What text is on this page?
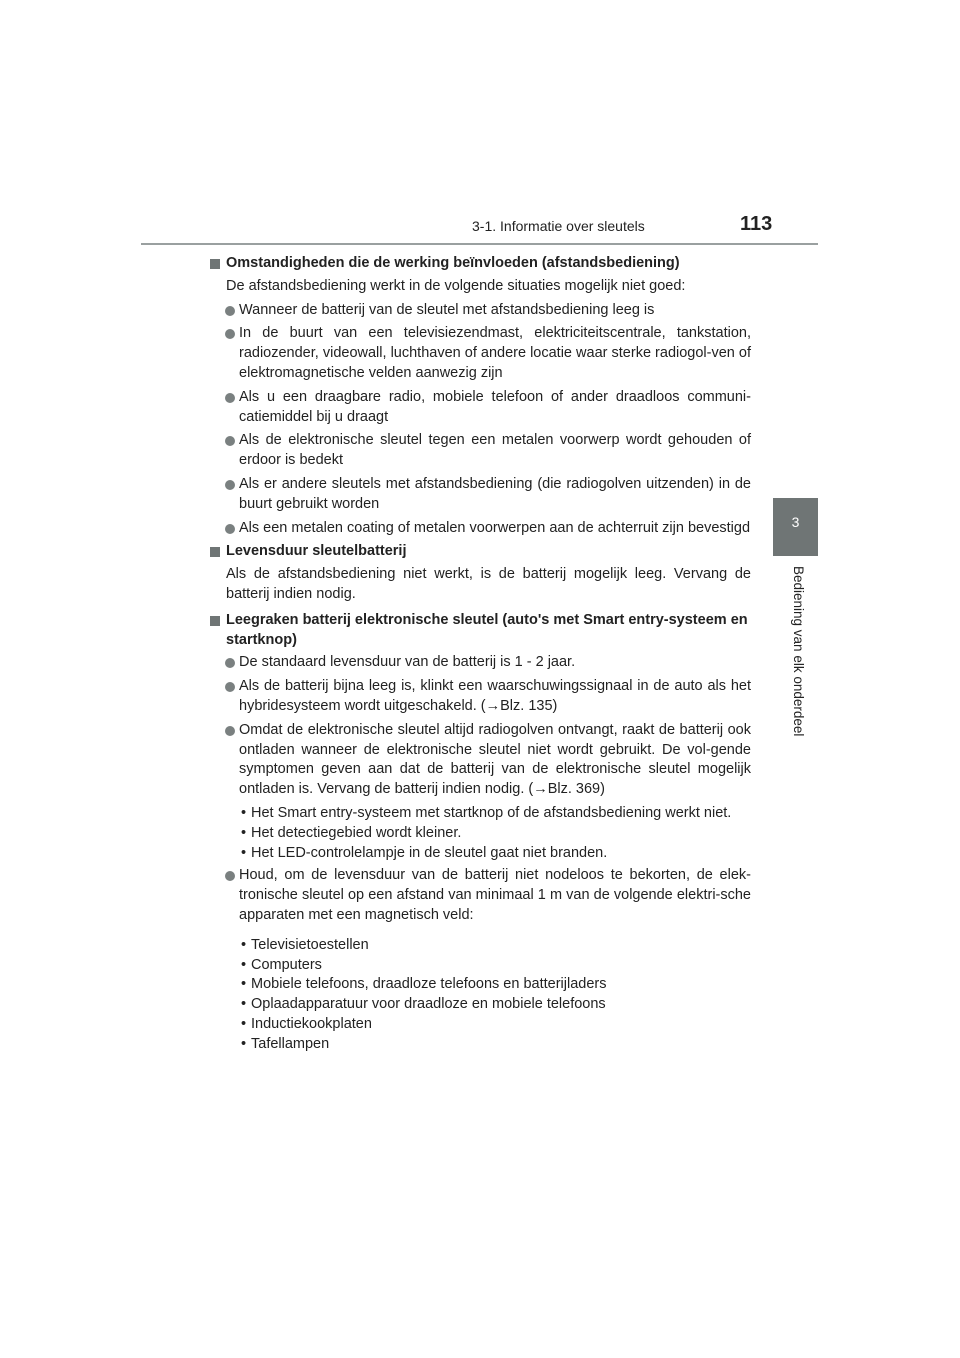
3-1. Informatie over sleutels	113
3
Bediening van elk onderdeel
Omstandigheden die de werking beïnvloeden (afstandsbediening)
De afstandsbediening werkt in de volgende situaties mogelijk niet goed:
Wanneer de batterij van de sleutel met afstandsbediening leeg is
In de buurt van een televisiezendmast, elektriciteitscentrale, tankstation, radiozender, videowall, luchthaven of andere locatie waar sterke radiogol-ven of elektromagnetische velden aanwezig zijn
Als u een draagbare radio, mobiele telefoon of ander draadloos communi-catiemiddel bij u draagt
Als de elektronische sleutel tegen een metalen voorwerp wordt gehouden of erdoor is bedekt
Als er andere sleutels met afstandsbediening (die radiogolven uitzenden) in de buurt gebruikt worden
Als een metalen coating of metalen voorwerpen aan de achterruit zijn bevestigd
Levensduur sleutelbatterij
Als de afstandsbediening niet werkt, is de batterij mogelijk leeg. Vervang de batterij indien nodig.
Leegraken batterij elektronische sleutel (auto's met Smart entry-systeem en startknop)
De standaard levensduur van de batterij is 1 - 2 jaar.
Als de batterij bijna leeg is, klinkt een waarschuwingssignaal in de auto als het hybridesysteem wordt uitgeschakeld. (→Blz. 135)
Omdat de elektronische sleutel altijd radiogolven ontvangt, raakt de batterij ook ontladen wanneer de elektronische sleutel niet wordt gebruikt. De vol-gende symptomen geven aan dat de batterij van de elektronische sleutel mogelijk ontladen is. Vervang de batterij indien nodig. (→Blz. 369)
• Het Smart entry-systeem met startknop of de afstandsbediening werkt niet.
• Het detectiegebied wordt kleiner.
• Het LED-controlelampje in de sleutel gaat niet branden.
Houd, om de levensduur van de batterij niet nodeloos te bekorten, de elek-tronische sleutel op een afstand van minimaal 1 m van de volgende elektri-sche apparaten met een magnetisch veld:
• Televisietoestellen
• Computers
• Mobiele telefoons, draadloze telefoons en batterijladers
• Oplaadapparatuur voor draadloze en mobiele telefoons
• Inductiekookplaten
• Tafellampen
